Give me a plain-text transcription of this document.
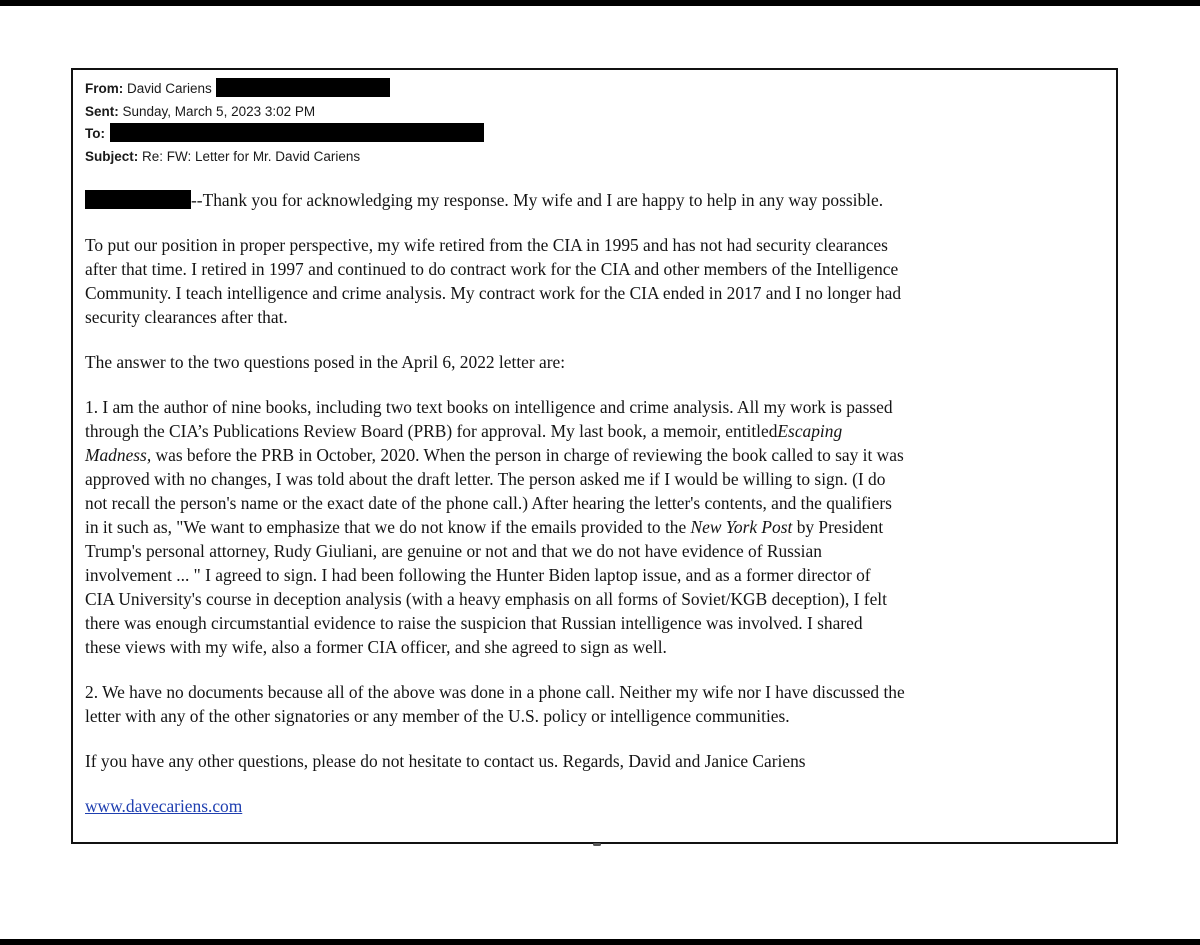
From: David Cariens
Sent: Sunday, March 5, 2023 3:02 PM
To:
Subject: Re: FW: Letter for Mr. David Cariens
--Thank you for acknowledging my response. My wife and I are happy to help in any way possible.
To put our position in proper perspective, my wife retired from the CIA in 1995 and has not had security clearances
after that time. I retired in 1997 and continued to do contract work for the CIA and other members of the Intelligence
Community. I teach intelligence and crime analysis. My contract work for the CIA ended in 2017 and I no longer had
security clearances after that.
The answer to the two questions posed in the April 6, 2022 letter are:
1. I am the author of nine books, including two text books on intelligence and crime analysis. All my work is passed
through the CIA’s Publications Review Board (PRB) for approval. My last book, a memoir, entitledEscaping
Madness, was before the PRB in October, 2020. When the person in charge of reviewing the book called to say it was
approved with no changes, I was told about the draft letter. The person asked me if I would be willing to sign. (I do
not recall the person's name or the exact date of the phone call.) After hearing the letter's contents, and the qualifiers
in it such as, "We want to emphasize that we do not know if the emails provided to the New York Post by President
Trump's personal attorney, Rudy Giuliani, are genuine or not and that we do not have evidence of Russian
involvement ... " I agreed to sign. I had been following the Hunter Biden laptop issue, and as a former director of
CIA University's course in deception analysis (with a heavy emphasis on all forms of Soviet/KGB deception), I felt
there was enough circumstantial evidence to raise the suspicion that Russian intelligence was involved. I shared
these views with my wife, also a former CIA officer, and she agreed to sign as well.
2. We have no documents because all of the above was done in a phone call. Neither my wife nor I have discussed the
letter with any of the other signatories or any member of the U.S. policy or intelligence communities.
If you have any other questions, please do not hesitate to contact us. Regards, David and Janice Cariens
www.davecariens.com
